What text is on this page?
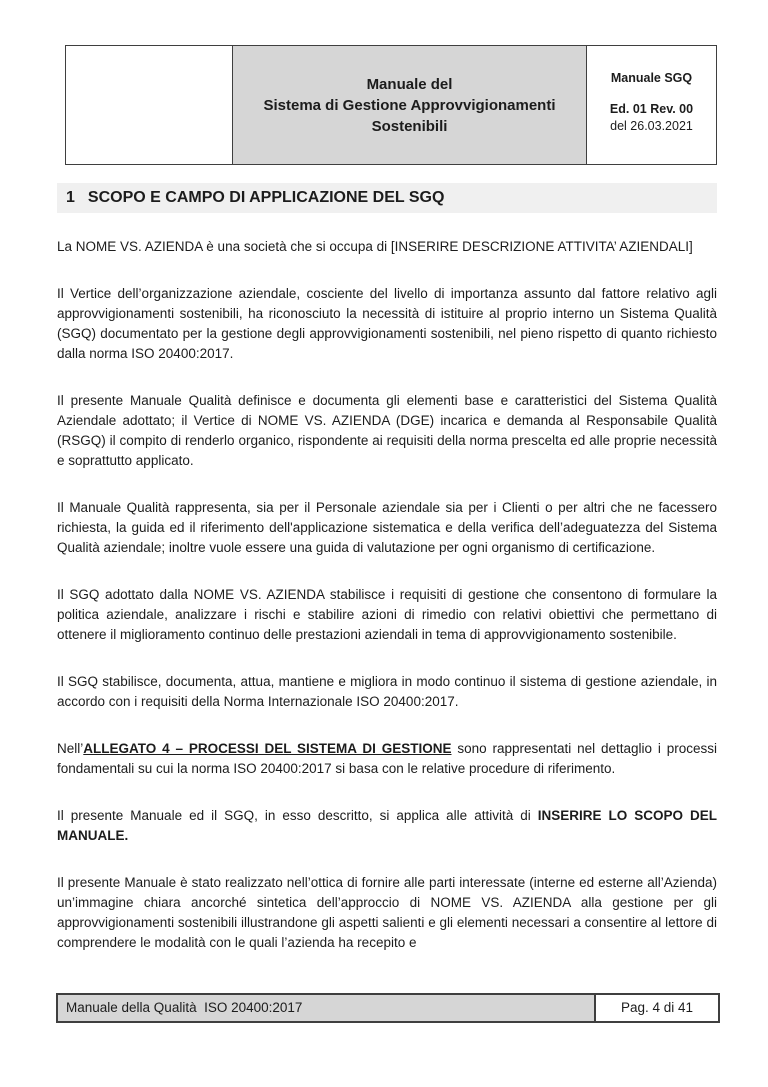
Manuale del
Sistema di Gestione Approvvigionamenti
Sostenibili
Manuale SGQ
Ed. 01 Rev. 00
del 26.03.2021
1 SCOPO E CAMPO DI APPLICAZIONE DEL SGQ

La NOME VS. AZIENDA è una società che si occupa di [INSERIRE DESCRIZIONE ATTIVITA’ AZIENDALI]

Il Vertice dell’organizzazione aziendale, cosciente del livello di importanza assunto dal fattore relativo agli approvvigionamenti sostenibili, ha riconosciuto la necessità di istituire al proprio interno un Sistema Qualità (SGQ) documentato per la gestione degli approvvigionamenti sostenibili, nel pieno rispetto di quanto richiesto dalla norma ISO 20400:2017.

Il presente Manuale Qualità definisce e documenta gli elementi base e caratteristici del Sistema Qualità Aziendale adottato; il Vertice di NOME VS. AZIENDA (DGE) incarica e demanda al Responsabile Qualità (RSGQ) il compito di renderlo organico, rispondente ai requisiti della norma prescelta ed alle proprie necessità e soprattutto applicato.

Il Manuale Qualità rappresenta, sia per il Personale aziendale sia per i Clienti o per altri che ne facessero richiesta, la guida ed il riferimento dell'applicazione sistematica e della verifica dell’adeguatezza del Sistema Qualità aziendale; inoltre vuole essere una guida di valutazione per ogni organismo di certificazione.

Il SGQ adottato dalla NOME VS. AZIENDA stabilisce i requisiti di gestione che consentono di formulare la politica aziendale, analizzare i rischi e stabilire azioni di rimedio con relativi obiettivi che permettano di ottenere il miglioramento continuo delle prestazioni aziendali in tema di approvvigionamento sostenibile.

Il SGQ stabilisce, documenta, attua, mantiene e migliora in modo continuo il sistema di gestione aziendale, in accordo con i requisiti della Norma Internazionale ISO 20400:2017.

Nell’ALLEGATO 4 – PROCESSI DEL SISTEMA DI GESTIONE sono rappresentati nel dettaglio i processi fondamentali su cui la norma ISO 20400:2017 si basa con le relative procedure di riferimento.

Il presente Manuale ed il SGQ, in esso descritto, si applica alle attività di INSERIRE LO SCOPO DEL MANUALE.

Il presente Manuale è stato realizzato nell’ottica di fornire alle parti interessate (interne ed esterne all’Azienda) un’immagine chiara ancorché sintetica dell’approccio di NOME VS. AZIENDA alla gestione per gli approvvigionamenti sostenibili illustrandone gli aspetti salienti e gli elementi necessari a consentire al lettore di comprendere le modalità con le quali l’azienda ha recepito e

Manuale della Qualità  ISO 20400:2017	Pag. 4 di 41
